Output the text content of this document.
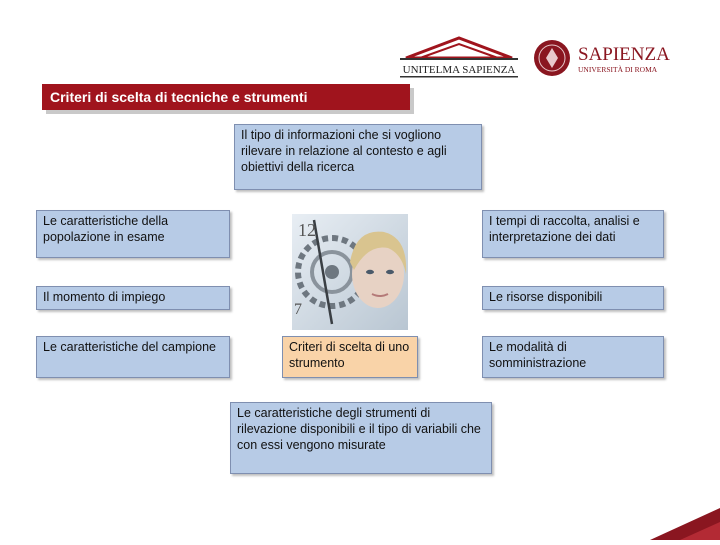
UNITELMA SAPIENZA
SAPIENZA
UNIVERSITÀ DI ROMA
Criteri di scelta di tecniche e strumenti
12
7
Il tipo di informazioni che si vogliono rilevare in relazione al contesto e agli obiettivi della ricerca
Le caratteristiche della popolazione in esame
Il momento di impiego
Le caratteristiche del campione
I tempi di raccolta, analisi e interpretazione dei dati
Le risorse disponibili
Le modalità di somministrazione
Criteri di scelta di uno strumento
Le caratteristiche degli strumenti di rilevazione disponibili e il tipo di variabili che con essi vengono misurate
